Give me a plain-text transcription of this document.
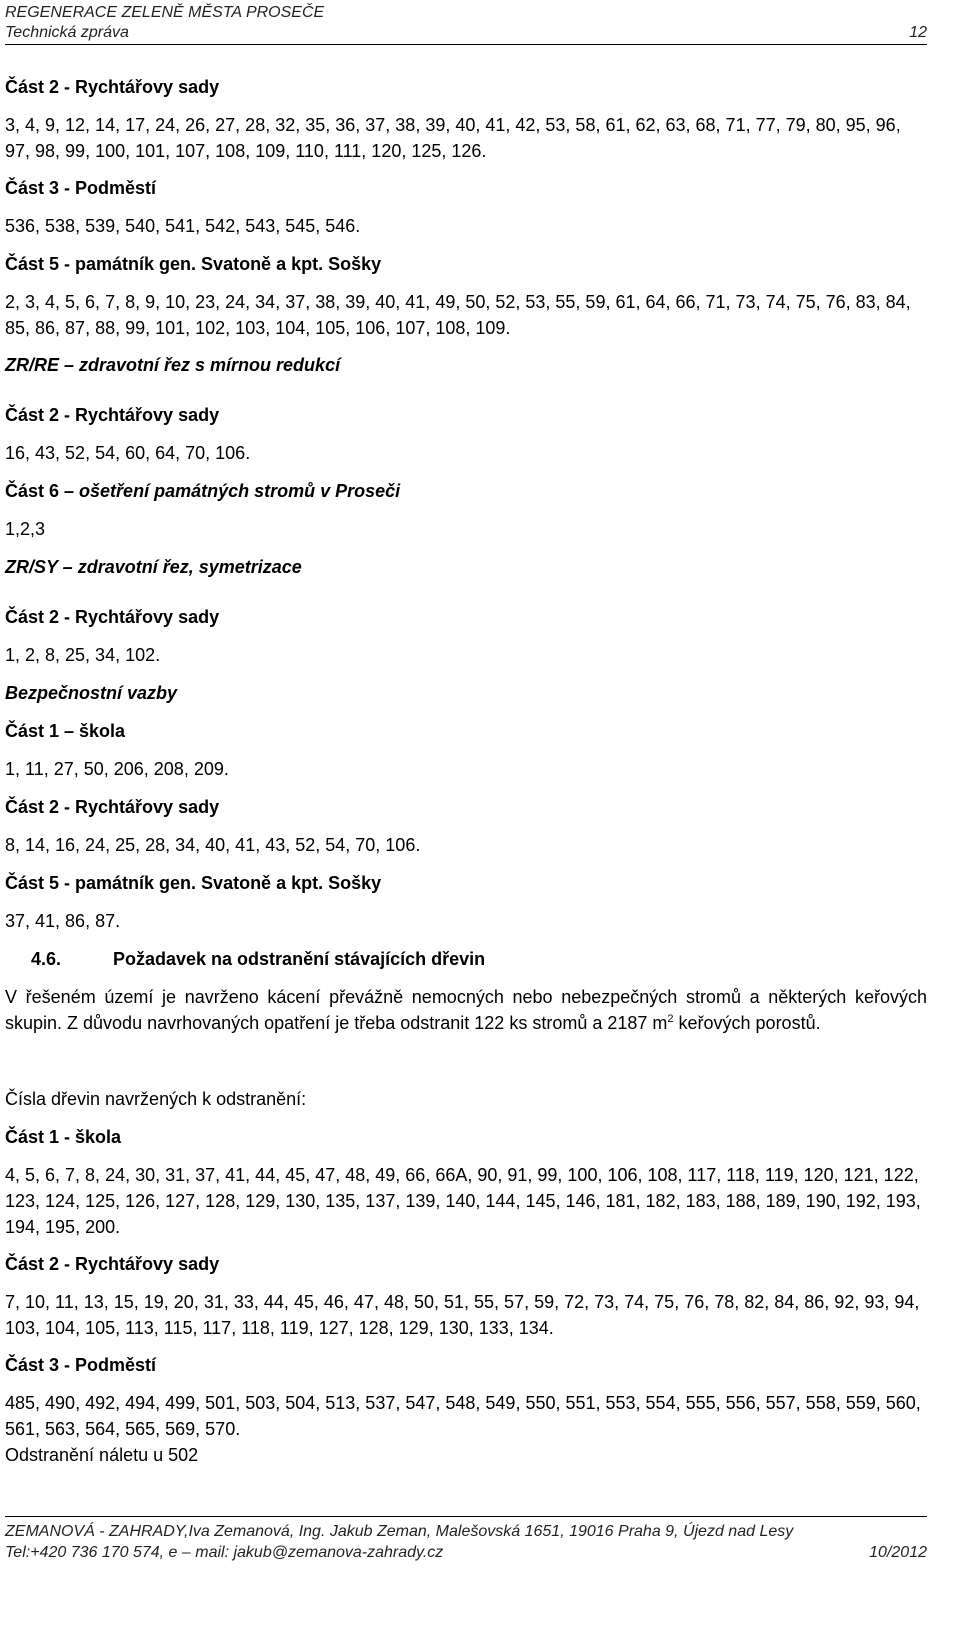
REGENERACE ZELENĚ MĚSTA PROSEČE
Technická zpráva	12

Část 2 - Rychtářovy sady

3, 4, 9, 12, 14, 17, 24, 26, 27, 28, 32, 35, 36, 37, 38, 39, 40, 41, 42, 53, 58, 61, 62, 63, 68, 71, 77, 79, 80, 95, 96, 97, 98, 99, 100, 101, 107, 108, 109, 110, 111, 120, 125, 126.

Část 3 - Podměstí

536, 538, 539, 540, 541, 542, 543, 545, 546.

Část 5 - památník gen. Svatoně a kpt. Sošky

2, 3, 4, 5, 6, 7, 8, 9, 10, 23, 24, 34, 37, 38, 39, 40, 41, 49, 50, 52, 53, 55, 59, 61, 64, 66, 71, 73, 74, 75, 76, 83, 84, 85, 86, 87, 88, 99, 101, 102, 103, 104, 105, 106, 107, 108, 109.

ZR/RE – zdravotní řez s mírnou redukcí

Část 2 - Rychtářovy sady

16, 43, 52, 54, 60, 64, 70, 106.

Část 6 – ošetření památných stromů v Proseči

1,2,3

ZR/SY – zdravotní řez, symetrizace

Část 2 - Rychtářovy sady

1, 2, 8, 25, 34, 102.

Bezpečnostní vazby

Část 1 – škola

1, 11, 27, 50, 206, 208, 209.

Část 2 - Rychtářovy sady

8, 14, 16, 24, 25, 28, 34, 40, 41, 43, 52, 54, 70, 106.

Část 5 - památník gen. Svatoně a kpt. Sošky

37, 41, 86, 87.

4.6.	Požadavek na odstranění stávajících dřevin

V řešeném území je navrženo kácení převážně nemocných nebo nebezpečných stromů a některých keřových skupin. Z důvodu navrhovaných opatření je třeba odstranit 122 ks stromů a 2187 $m^2$ keřových porostů.

Čísla dřevin navržených k odstranění:

Část 1 - škola

4, 5, 6, 7, 8, 24, 30, 31, 37, 41, 44, 45, 47, 48, 49, 66, 66A, 90, 91, 99, 100, 106, 108, 117, 118, 119, 120, 121, 122, 123, 124, 125, 126, 127, 128, 129, 130, 135, 137, 139, 140, 144, 145, 146, 181, 182, 183, 188, 189, 190, 192, 193, 194, 195, 200.

Část 2 - Rychtářovy sady

7, 10, 11, 13, 15, 19, 20, 31, 33, 44, 45, 46, 47, 48, 50, 51, 55, 57, 59, 72, 73, 74, 75, 76, 78, 82, 84, 86, 92, 93, 94, 103, 104, 105, 113, 115, 117, 118, 119, 127, 128, 129, 130, 133, 134.

Část 3 - Podměstí

485, 490, 492, 494, 499, 501, 503, 504, 513, 537, 547, 548, 549, 550, 551, 553, 554, 555, 556, 557, 558, 559, 560, 561, 563, 564, 565, 569, 570.

Odstranění náletu u 502

ZEMANOVÁ - ZAHRADY,Iva Zemanová, Ing. Jakub Zeman, Malešovská 1651, 19016 Praha 9, Újezd nad Lesy
Tel:+420 736 170 574, e – mail: jakub@zemanova-zahrady.cz	10/2012
